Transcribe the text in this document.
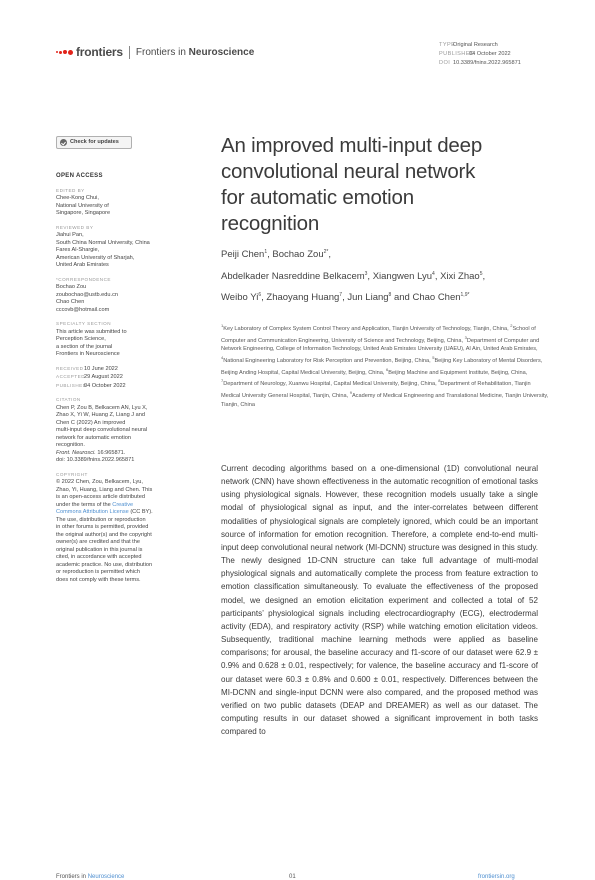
frontiers Frontiers in Neuroscience
TYPEOriginal Research
PUBLISHED04 October 2022
DOI 10.3389/fnins.2022.965871
Check for updates
OPEN ACCESS
EDITED BY
Chee-Kong Chui,
National University of
Singapore, Singapore
REVIEWED BY
Jiahui Pan,
South China Normal University, China
Fares Al-Shargie,
American University of Sharjah,
United Arab Emirates
*CORRESPONDENCE
Bochao Zou
zoubochao@ustb.edu.cn
Chao Chen
cccovb@hotmail.com
SPECIALTY SECTION
This article was submitted to
Perception Science,
a section of the journal
Frontiers in Neuroscience
RECEIVED10 June 2022
ACCEPTED29 August 2022
PUBLISHED04 October 2022
CITATION
Chen P, Zou B, Belkacem AN, Lyu X,
Zhao X, Yi W, Huang Z, Liang J and
Chen C (2022) An improved
multi-input deep convolutional neural
network for automatic emotion
recognition.
Front. Neurosci. 16:965871.
doi: 10.3389/fnins.2022.965871
COPYRIGHT
© 2022 Chen, Zou, Belkacem, Lyu,
Zhao, Yi, Huang, Liang and Chen. This
is an open-access article distributed
under the terms of the Creative
Commons Attribution License (CC BY).
The use, distribution or reproduction
in other forums is permitted, provided
the original author(s) and the copyright
owner(s) are credited and that the
original publication in this journal is
cited, in accordance with accepted
academic practice. No use, distribution
or reproduction is permitted which
does not comply with these terms.
An improved multi-input deep
convolutional neural network
for automatic emotion
recognition
Peiji Chen$^1$, Bochao Zou$^{2*}$,
Abdelkader Nasreddine Belkacem$^3$, Xiangwen Lyu$^4$, Xixi Zhao$^5$,
Weibo Yi$^6$, Zhaoyang Huang$^7$, Jun Liang$^8$ and Chao Chen$^{1,9*}$
$^1$Key Laboratory of Complex System Control Theory and Application, Tianjin University of Technology, Tianjin, China, $^2$School of Computer and Communication Engineering, University of Science and Technology, Beijing, China, $^3$Department of Computer and Network Engineering, College of Information Technology, United Arab Emirates University (UAEU), Al Ain, United Arab Emirates, $^4$National Engineering Laboratory for Risk Perception and Prevention, Beijing, China, $^5$Beijing Key Laboratory of Mental Disorders, Beijing Anding Hospital, Capital Medical University, Beijing, China, $^6$Beijing Machine and Equipment Institute, Beijing, China, $^7$Department of Neurology, Xuanwu Hospital, Capital Medical University, Beijing, China, $^8$Department of Rehabilitation, Tianjin Medical University General Hospital, Tianjin, China, $^9$Academy of Medical Engineering and Translational Medicine, Tianjin University, Tianjin, China
Current decoding algorithms based on a one-dimensional (1D) convolutional neural network (CNN) have shown effectiveness in the automatic recognition of emotional tasks using physiological signals. However, these recognition models usually take a single modal of physiological signal as input, and the inter-correlates between different modalities of physiological signals are completely ignored, which could be an important source of information for emotion recognition. Therefore, a complete end-to-end multi-input deep convolutional neural network (MI-DCNN) structure was designed in this study. The newly designed 1D-CNN structure can take full advantage of multi-modal physiological signals and automatically complete the process from feature extraction to emotion classification simultaneously. To evaluate the effectiveness of the proposed model, we designed an emotion elicitation experiment and collected a total of 52 participants’ physiological signals including electrocardiography (ECG), electrodermal activity (EDA), and respiratory activity (RSP) while watching emotion elicitation videos. Subsequently, traditional machine learning methods were applied as baseline comparisons; for arousal, the baseline accuracy and f1-score of our dataset were 62.9 ± 0.9% and 0.628 ± 0.01, respectively; for valence, the baseline accuracy and f1-score of our dataset were 60.3 ± 0.8% and 0.600 ± 0.01, respectively. Differences between the MI-DCNN and single-input DCNN were also compared, and the proposed method was verified on two public datasets (DEAP and DREAMER) as well as our dataset. The computing results in our dataset showed a significant improvement in both tasks compared to
Frontiers in Neuroscience	01	frontiersin.org
